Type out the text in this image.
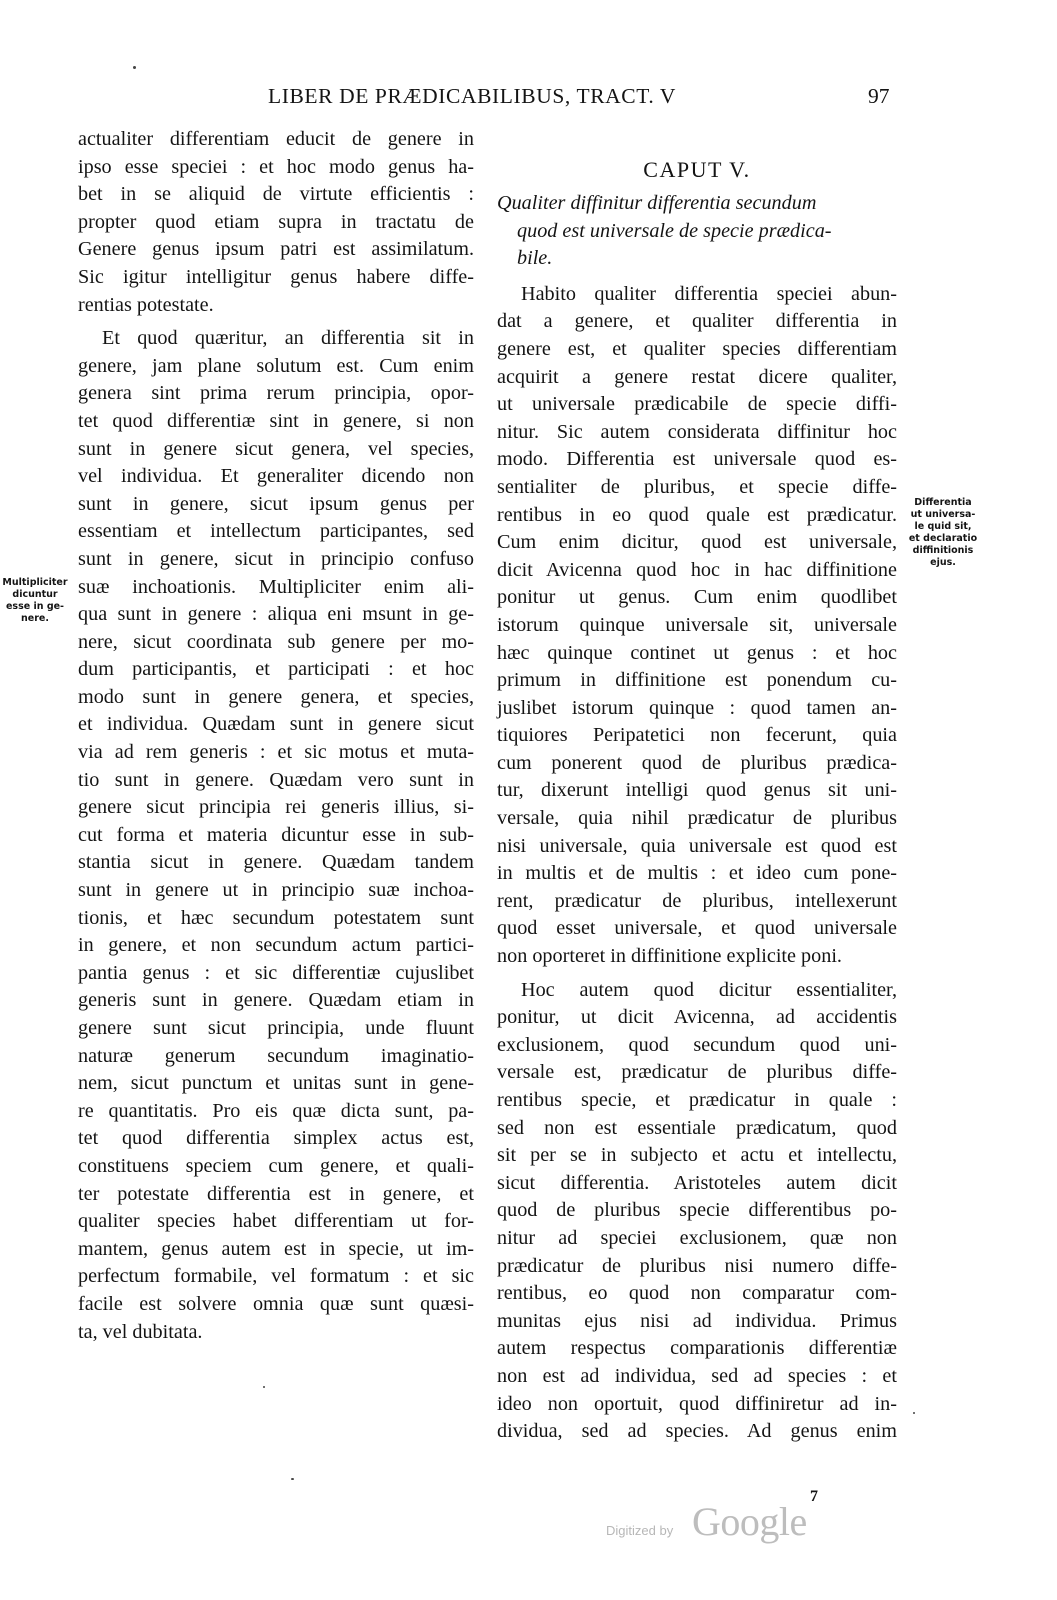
LIBER DE PRÆDICABILIBUS, TRACT. V	97
actualiter differentiam educit de genere in
ipso esse speciei : et hoc modo genus ha-
bet in se aliquid de virtute efficientis :
propter quod etiam supra in tractatu de
Genere genus ipsum patri est assimilatum.
Sic igitur intelligitur genus habere diffe-
rentias potestate.
Et quod quæritur, an differentia sit in
genere, jam plane solutum est. Cum enim
genera sint prima rerum principia, opor-
tet quod differentiæ sint in genere, si non
sunt in genere sicut genera, vel species,
vel individua. Et generaliter dicendo non
sunt in genere, sicut ipsum genus per
essentiam et intellectum participantes, sed
sunt in genere, sicut in principio confuso
suæ inchoationis. Multipliciter enim ali-
qua sunt in genere : aliqua eni msunt in ge-
nere, sicut coordinata sub genere per mo-
dum participantis, et participati : et hoc
modo sunt in genere genera, et species,
et individua. Quædam sunt in genere sicut
via ad rem generis : et sic motus et muta-
tio sunt in genere. Quædam vero sunt in
genere sicut principia rei generis illius, si-
cut forma et materia dicuntur esse in sub-
stantia sicut in genere. Quædam tandem
sunt in genere ut in principio suæ inchoa-
tionis, et hæc secundum potestatem sunt
in genere, et non secundum actum partici-
pantia genus : et sic differentiæ cujuslibet
generis sunt in genere. Quædam etiam in
genere sunt sicut principia, unde fluunt
naturæ generum secundum imaginatio-
nem, sicut punctum et unitas sunt in gene-
re quantitatis. Pro eis quæ dicta sunt, pa-
tet quod differentia simplex actus est,
constituens speciem cum genere, et quali-
ter potestate differentia est in genere, et
qualiter species habet differentiam ut for-
mantem, genus autem est in specie, ut im-
perfectum formabile, vel formatum : et sic
facile est solvere omnia quæ sunt quæsi-
ta, vel dubitata.
CAPUT V.
Qualiter diffinitur differentia secundum
quod est universale de specie prædica-
bile.
Habito qualiter differentia speciei abun-
dat a genere, et qualiter differentia in
genere est, et qualiter species differentiam
acquirit a genere restat dicere qualiter,
ut universale prædicabile de specie diffi-
nitur. Sic autem considerata diffinitur hoc
modo. Differentia est universale quod es-
sentialiter de pluribus, et specie diffe-
rentibus in eo quod quale est prædicatur.
Cum enim dicitur, quod est universale,
dicit Avicenna quod hoc in hac diffinitione
ponitur ut genus. Cum enim quodlibet
istorum quinque universale sit, universale
hæc quinque continet ut genus : et hoc
primum in diffinitione est ponendum cu-
juslibet istorum quinque : quod tamen an-
tiquiores Peripatetici non fecerunt, quia
cum ponerent quod de pluribus prædica-
tur, dixerunt intelligi quod genus sit uni-
versale, quia nihil prædicatur de pluribus
nisi universale, quia universale est quod est
in multis et de multis : et ideo cum pone-
rent, prædicatur de pluribus, intellexerunt
quod esset universale, et quod universale
non oporteret in diffinitione explicite poni.
Hoc autem quod dicitur essentialiter,
ponitur, ut dicit Avicenna, ad accidentis
exclusionem, quod secundum quod uni-
versale est, prædicatur de pluribus diffe-
rentibus specie, et prædicatur in quale :
sed non est essentiale prædicatum, quod
sit per se in subjecto et actu et intellectu,
sicut differentia. Aristoteles autem dicit
quod de pluribus specie differentibus po-
nitur ad speciei exclusionem, quæ non
prædicatur de pluribus nisi numero diffe-
rentibus, eo quod non comparatur com-
munitas ejus nisi ad individua. Primus
autem respectus comparationis differentiæ
non est ad individua, sed ad species : et
ideo non oportuit, quod diffiniretur ad in-
dividua, sed ad species. Ad genus enim
Multipliciter
dicuntur
esse in ge-
nere.
Differentia
ut universa-
le quid sit,
et declaratio
diffinitionis
ejus.
7
Digitized by Google
